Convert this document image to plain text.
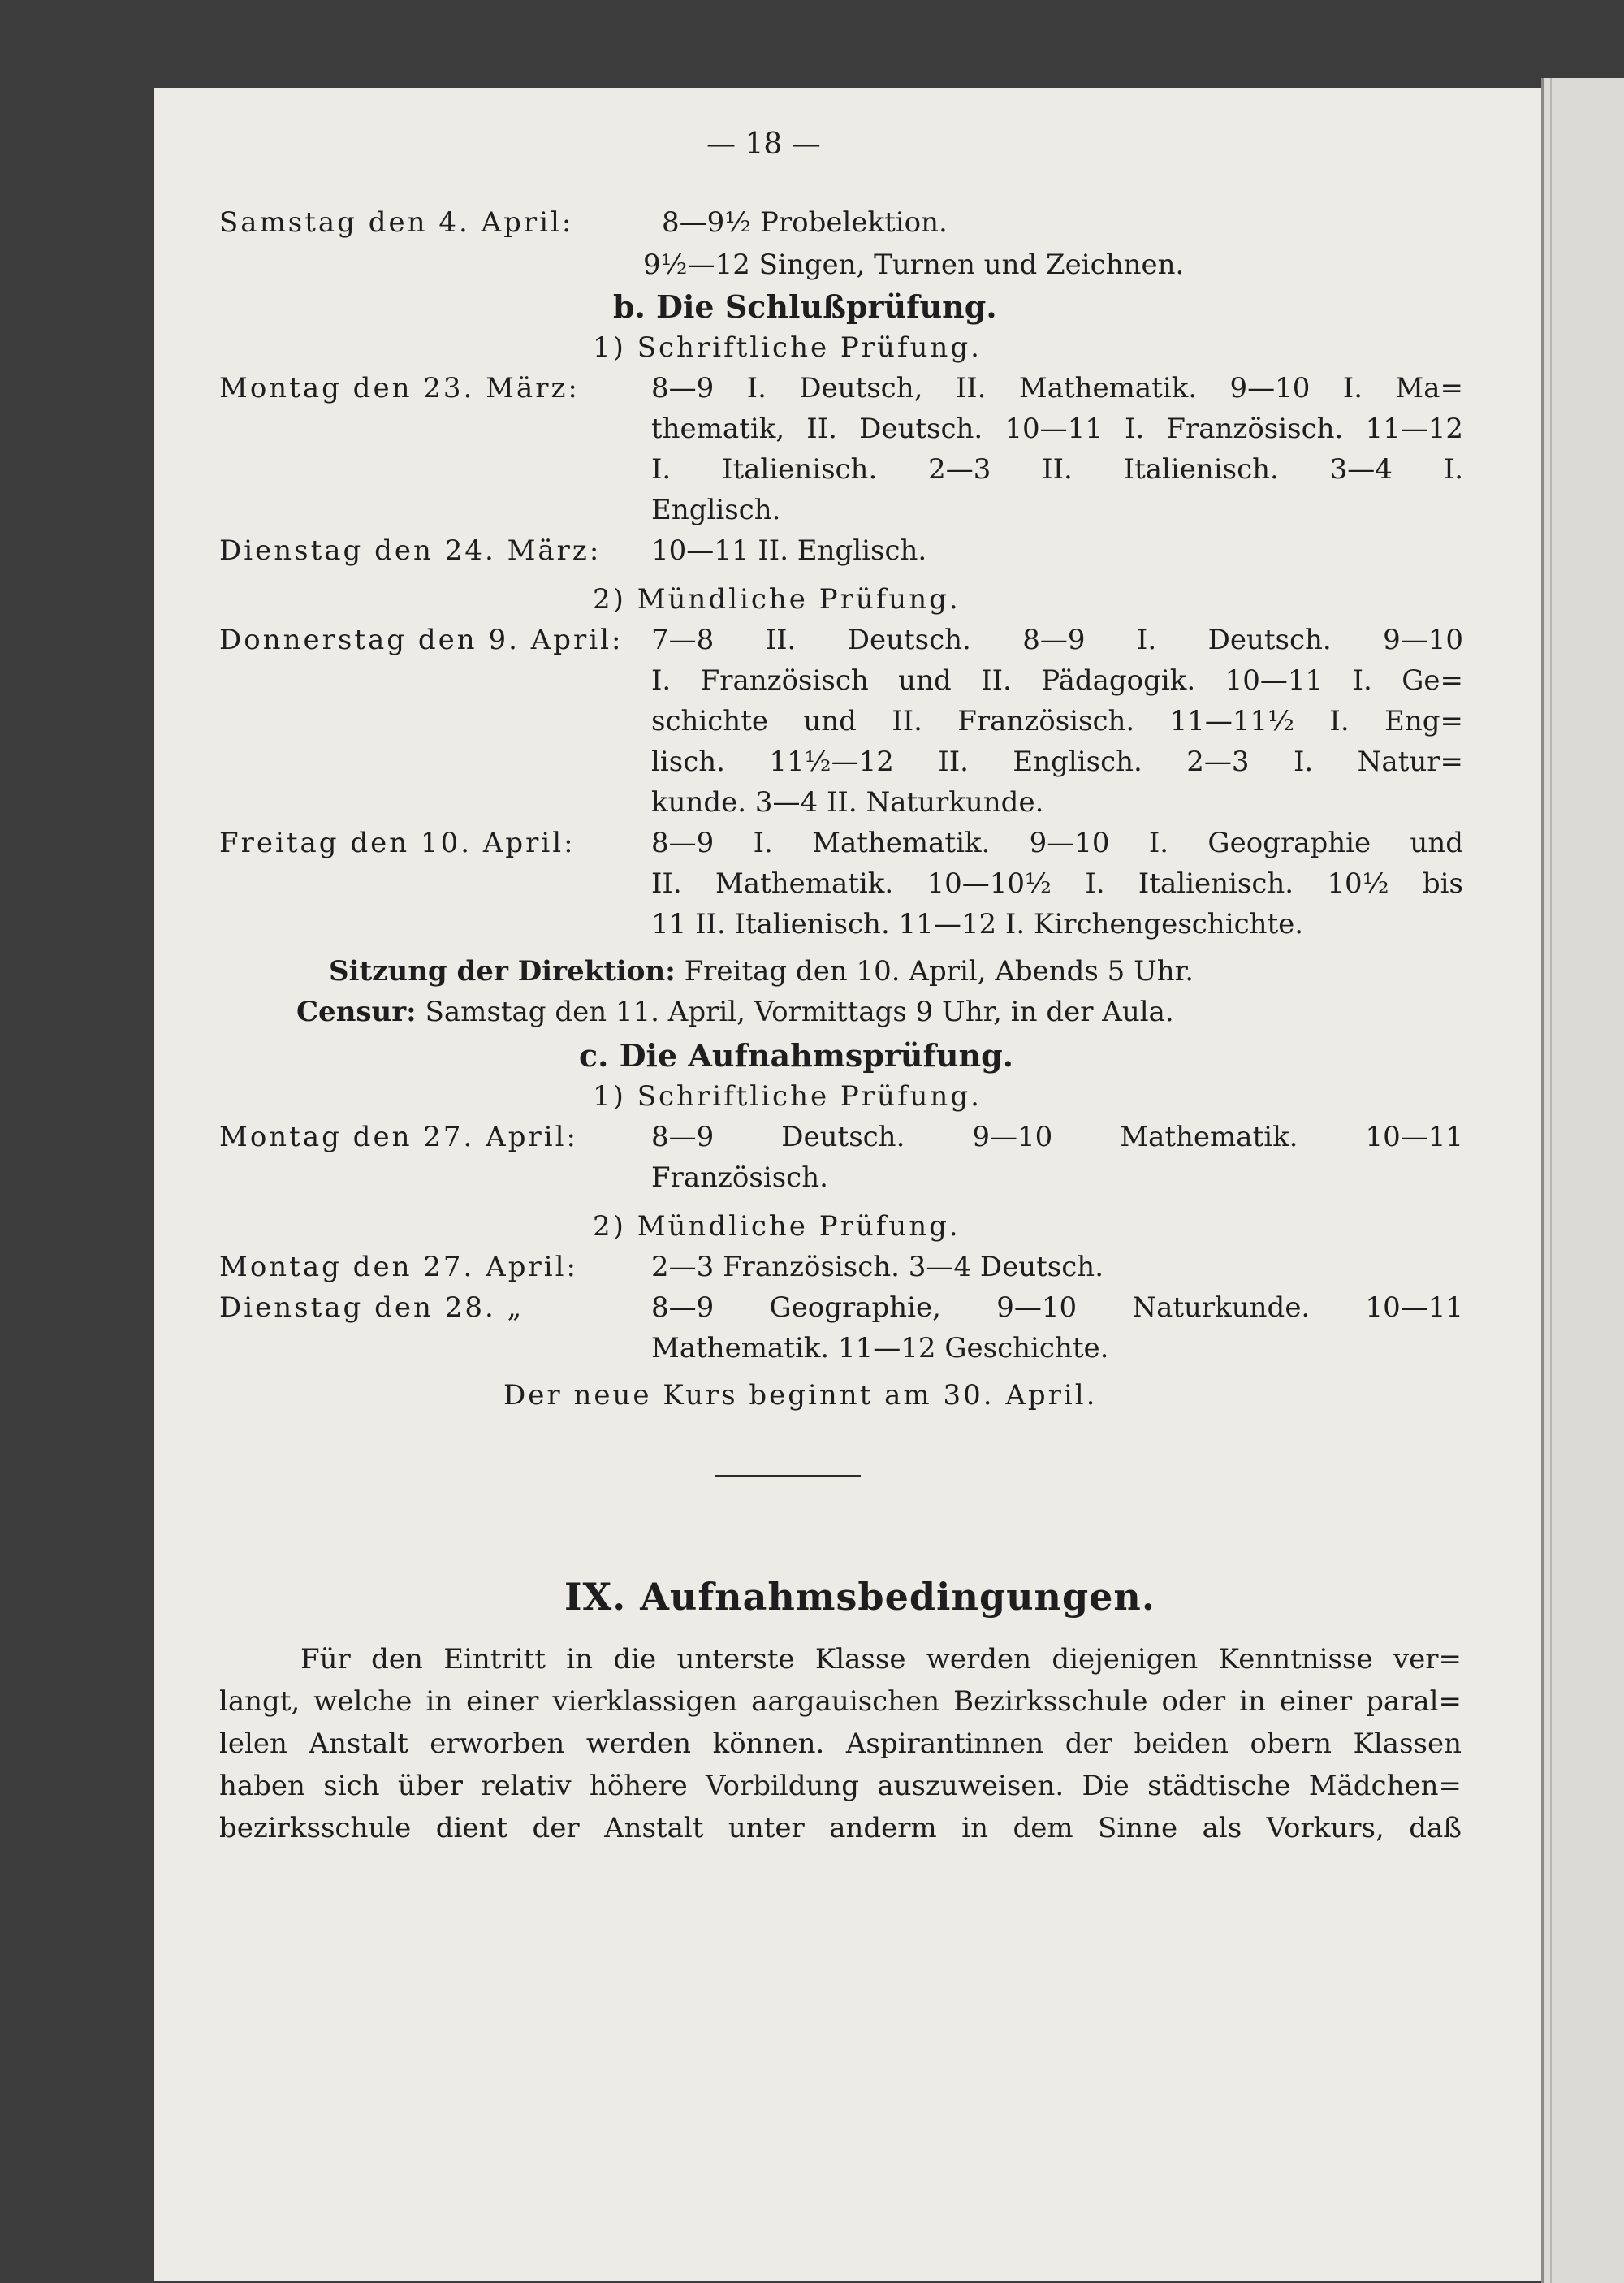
— 18 —
Samstag den 4. April:	8—9½ Probelektion.
9½—12 Singen, Turnen und Zeichnen.
b. Die Schlußprüfung.
1) Schriftliche Prüfung.
Montag den 23. März:	8—9 I. Deutsch, II. Mathematik. 9—10 I. Ma=
thematik, II. Deutsch. 10—11 I. Französisch. 11—12
I. Italienisch. 2—3 II. Italienisch. 3—4 I.
Englisch.
Dienstag den 24. März: 10—11 II. Englisch.
2) Mündliche Prüfung.
Donnerstag den 9. April: 7—8 II. Deutsch. 8—9 I. Deutsch. 9—10
I. Französisch und II. Pädagogik. 10—11 I. Ge=
schichte und II. Französisch. 11—11½ I. Eng=
lisch. 11½—12 II. Englisch. 2—3 I. Natur=
kunde. 3—4 II. Naturkunde.
Freitag den 10. April:	8—9 I. Mathematik. 9—10 I. Geographie und
II. Mathematik. 10—10½ I. Italienisch. 10½ bis
11 II. Italienisch. 11—12 I. Kirchengeschichte.
Sitzung der Direktion: Freitag den 10. April, Abends 5 Uhr.
Censur: Samstag den 11. April, Vormittags 9 Uhr, in der Aula.
c. Die Aufnahmsprüfung.
1) Schriftliche Prüfung.
Montag den 27. April:	8—9 Deutsch. 9—10 Mathematik. 10—11
Französisch.
2) Mündliche Prüfung.
Montag den 27. April:	2—3 Französisch. 3—4 Deutsch.
Dienstag den 28. „	8—9 Geographie, 9—10 Naturkunde. 10—11
Mathematik. 11—12 Geschichte.
Der neue Kurs beginnt am 30. April.
IX. Aufnahmsbedingungen.
Für den Eintritt in die unterste Klasse werden diejenigen Kenntnisse ver=
langt, welche in einer vierklassigen aargauischen Bezirksschule oder in einer paral=
lelen Anstalt erworben werden können. Aspirantinnen der beiden obern Klassen
haben sich über relativ höhere Vorbildung auszuweisen. Die städtische Mädchen=
bezirksschule dient der Anstalt unter anderm in dem Sinne als Vorkurs, daß
